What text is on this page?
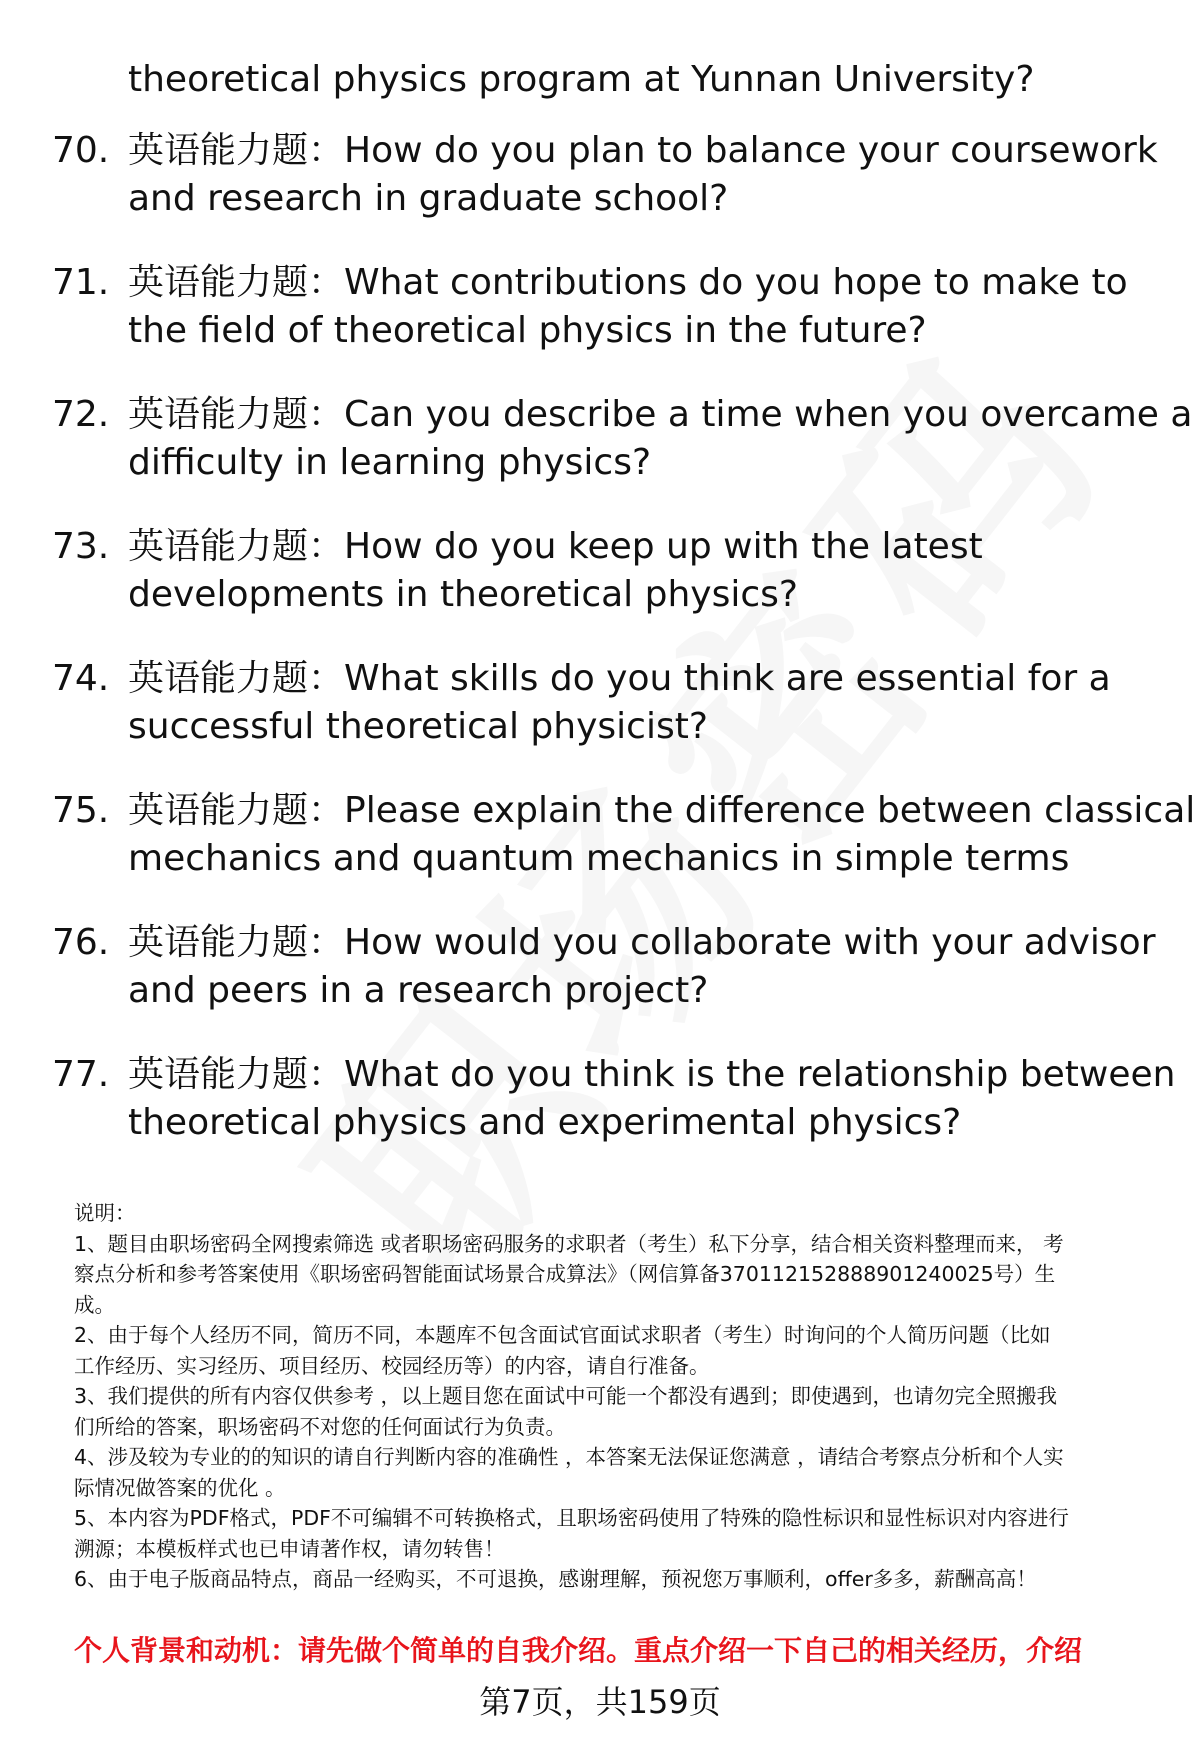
theoretical physics program at Yunnan University?
70. 英语能力题：How do you plan to balance your coursework
and research in graduate school?
71. 英语能力题：What contributions do you hope to make to
the field of theoretical physics in the future?
72. 英语能力题：Can you describe a time when you overcame a
difficulty in learning physics?
73. 英语能力题：How do you keep up with the latest
developments in theoretical physics?
74. 英语能力题：What skills do you think are essential for a
successful theoretical physicist?
75. 英语能力题：Please explain the difference between classical
mechanics and quantum mechanics in simple terms
76. 英语能力题：How would you collaborate with your advisor
and peers in a research project?
77. 英语能力题：What do you think is the relationship between
theoretical physics and experimental physics?
说明：
1、题目由职场密码全网搜索筛选 或者职场密码服务的求职者（考生）私下分享，结合相关资料整理而来， 考
察点分析和参考答案使用《职场密码智能面试场景合成算法》（网信算备370112152888901240025号）生
成。
2、由于每个人经历不同，简历不同，本题库不包含面试官面试求职者（考生）时询问的个人简历问题（比如
工作经历、实习经历、项目经历、校园经历等）的内容，请自行准备。
3、我们提供的所有内容仅供参考 ，以上题目您在面试中可能一个都没有遇到；即使遇到，也请勿完全照搬我
们所给的答案，职场密码不对您的任何面试行为负责。
4、涉及较为专业的的知识的请自行判断内容的准确性 ，本答案无法保证您满意 ，请结合考察点分析和个人实
际情况做答案的优化 。
5、本内容为PDF格式，PDF不可编辑不可转换格式，且职场密码使用了特殊的隐性标识和显性标识对内容进行
溯源；本模板样式也已申请著作权，请勿转售！
6、由于电子版商品特点，商品一经购买，不可退换，感谢理解，预祝您万事顺利，offer多多，薪酬高高！
个人背景和动机：请先做个简单的自我介绍。重点介绍一下自己的相关经历，介绍
第7页，共159页
